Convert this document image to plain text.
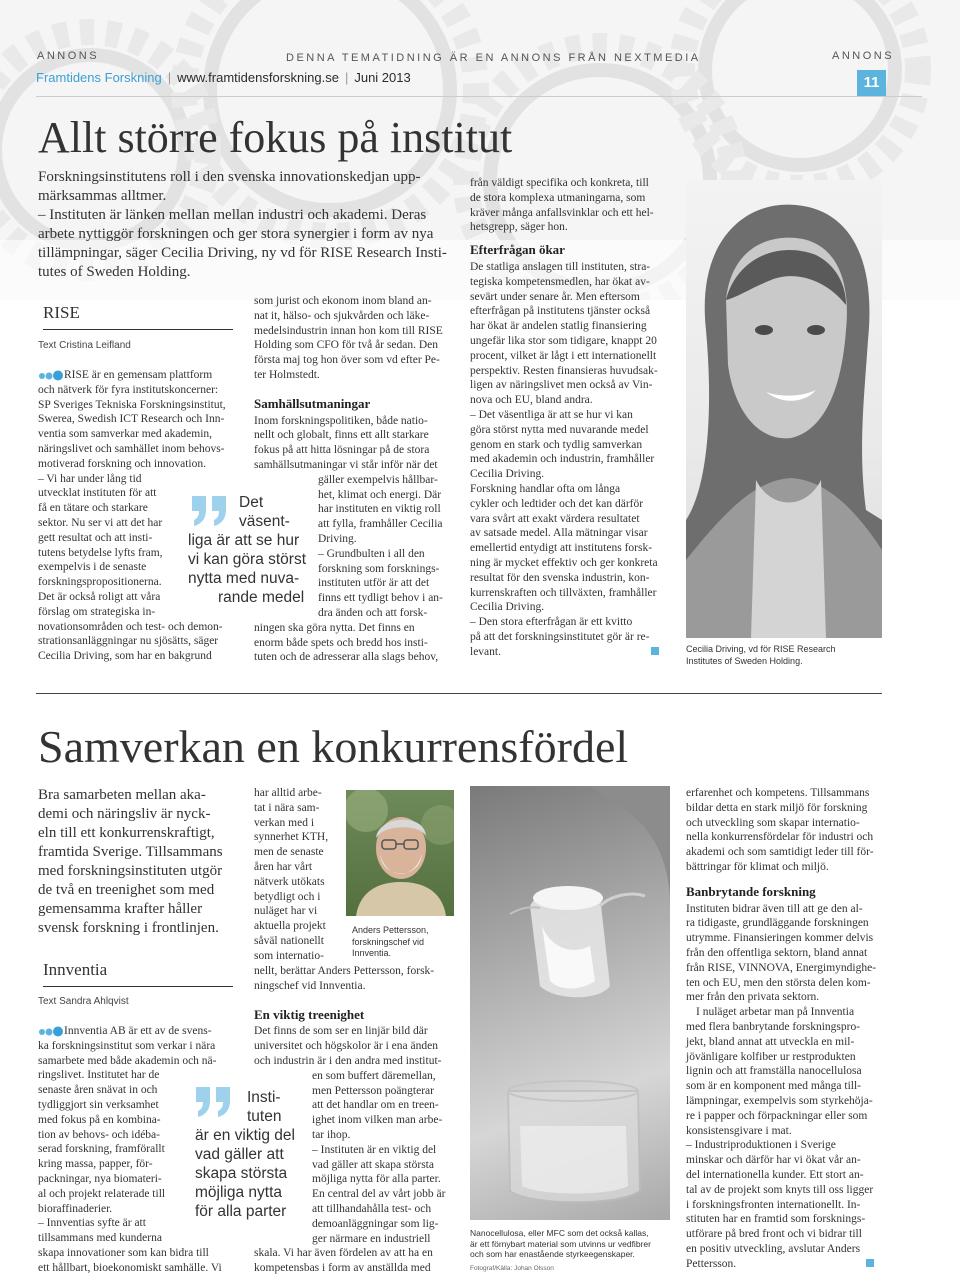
ANNONS	DENNA TEMATIDNING ÄR EN ANNONS FRÅN NEXTMEDIA	ANNONS
Framtidens Forskning | www.framtidensforskning.se | Juni 2013	11
Allt större fokus på institut
Forskningsinstitutens roll i den svenska innovationskedjan upp-
märksammas alltmer.
– Instituten är länken mellan mellan industri och akademi. Deras
arbete nyttiggör forskningen och ger stora synergier i form av nya
tillämpningar, säger Cecilia Driving, ny vd för RISE Research Insti-
tutes of Sweden Holding.
RISE
Text Cristina Leifland

RISE är en gemensam plattform

och nätverk för fyra institutskoncerner:

SP Sveriges Tekniska Forskningsinstitut,

Swerea, Swedish ICT Research och Inn-

ventia som samverkar med akademin,

näringslivet och samhället inom behovs-

motiverad forskning och innovation.

– Vi har under lång tid

utvecklat instituten för att

få en tätare och starkare

sektor. Nu ser vi att det har

gett resultat och att insti-

tutens betydelse lyfts fram,

exempelvis i de senaste

forskningspropositionerna.

Det är också roligt att våra

förslag om strategiska in-

novationsområden och test- och demon-

strationsanläggningar nu sjösätts, säger

Cecilia Driving, som har en bakgrund

Det
väsent-
liga är att se hur
vi kan göra störst
nytta med nuva-
rande medel

som jurist och ekonom inom bland an-

nat it, hälso- och sjukvården och läke-

medelsindustrin innan hon kom till RISE

Holding som CFO för två år sedan. Den

första maj tog hon över som vd efter Pe-

ter Holmstedt.

Samhällsutmaningar

Inom forskningspolitiken, både natio-

nellt och globalt, finns ett allt starkare

fokus på att hitta lösningar på de stora

samhällsutmaningar vi står inför när det

gäller exempelvis hållbar-

het, klimat och energi. Där

har instituten en viktig roll

att fylla, framhåller Cecilia

Driving.

– Grundbulten i all den

forskning som forsknings-

instituten utför är att det

finns ett tydligt behov i an-

dra änden och att forsk-

ningen ska göra nytta. Det finns en

enorm både spets och bredd hos insti-

tuten och de adresserar alla slags behov,

från väldigt specifika och konkreta, till

de stora komplexa utmaningarna, som

kräver många anfallsvinklar och ett hel-

hetsgrepp, säger hon.

Efterfrågan ökar

De statliga anslagen till instituten, stra-

tegiska kompetensmedlen, har ökat av-

sevärt under senare år. Men eftersom

efterfrågan på institutens tjänster också

har ökat är andelen statlig finansiering

ungefär lika stor som tidigare, knappt 20

procent, vilket är lågt i ett internationellt

perspektiv. Resten finansieras huvudsak-

ligen av näringslivet men också av Vin-

nova och EU, bland andra.

– Det väsentliga är att se hur vi kan

göra störst nytta med nuvarande medel

genom en stark och tydlig samverkan

med akademin och industrin, framhåller

Cecilia Driving.

Forskning handlar ofta om långa

cykler och ledtider och det kan därför

vara svårt att exakt värdera resultatet

av satsade medel. Alla mätningar visar

emellertid entydigt att institutens forsk-

ning är mycket effektiv och ger konkreta

resultat för den svenska industrin, kon-

kurrenskraften och tillväxten, framhåller

Cecilia Driving.

– Den stora efterfrågan är ett kvitto

på att det forskningsinstitutet gör är re-

levant.	Cecilia Driving, vd för RISE Research
Institutes of Sweden Holding.
Samverkan en konkurrensfördel
Bra samarbeten mellan aka-
demi och näringsliv är nyck-
eln till ett konkurrenskraftigt,
framtida Sverige. Tillsammans
med forskningsinstituten utgör
de två en treenighet som med
gemensamma krafter håller
svensk forskning i frontlinjen.
Innventia
Text Sandra Ahlqvist

Innventia AB är ett av de svens-

ka forskningsinstitut som verkar i nära

samarbete med både akademin och nä-

ringslivet. Institutet har de

senaste åren snävat in och

tydliggjort sin verksamhet

med fokus på en kombina-

tion av behovs- och idéba-

serad forskning, framförallt

kring massa, papper, för-

packningar, nya biomateri-

al och projekt relaterade till

bioraffinaderier.

– Innventias syfte är att

tillsammans med kunderna

skapa innovationer som kan bidra till

ett hållbart, bioekonomiskt samhälle. Vi

Insti-
tuten
är en viktig del
vad gäller att
skapa största
möjliga nytta
för alla parter

har alltid arbe-

tat i nära sam-

verkan med i

synnerhet KTH,

men de senaste

åren har vårt

nätverk utökats

betydligt och i

nuläget har vi

aktuella projekt

såväl nationellt

som internatio-

Anders Pettersson,
forskningschef vid
Innventia.

nellt, berättar Anders Pettersson, forsk-

ningschef vid Innventia.

En viktig treenighet

Det finns de som ser en linjär bild där

universitet och högskolor är i ena änden

och industrin är i den andra med institut-

en som buffert däremellan,

men Pettersson poängterar

att det handlar om en treen-

ighet inom vilken man arbe-

tar ihop.

– Instituten är en viktig del

vad gäller att skapa största

möjliga nytta för alla parter.

En central del av vårt jobb är

att tillhandahålla test- och

demoanläggningar som lig-

ger närmare en industriell

skala. Vi har även fördelen av att ha en

kompetensbas i form av anställda med

Nanocellulosa, eller MFC som det också kallas,
är ett förnybart material som utvinns ur vedfibrer
och som har enastående styrkeegenskaper.
Fotograf/Källa: Johan Olsson

erfarenhet och kompetens. Tillsammans

bildar detta en stark miljö för forskning

och utveckling som skapar internatio-

nella konkurrensfördelar för industri och

akademi och som samtidigt leder till för-

bättringar för klimat och miljö.

Banbrytande forskning

Instituten bidrar även till att ge den al-

ra tidigaste, grundläggande forskningen

utrymme. Finansieringen kommer delvis

från den offentliga sektorn, bland annat

från RISE, VINNOVA, Energimyndighe-

ten och EU, men den största delen kom-

mer från den privata sektorn.

I nuläget arbetar man på Innventia

med flera banbrytande forskningspro-

jekt, bland annat att utveckla en mil-

jövänligare kolfiber ur restprodukten

lignin och att framställa nanocellulosa

som är en komponent med många till-

lämpningar, exempelvis som styrkehöja-

re i papper och förpackningar eller som

konsistensgivare i mat.

– Industriproduktionen i Sverige

minskar och därför har vi ökat vår an-

del internationella kunder. Ett stort an-

tal av de projekt som knyts till oss ligger

i forskningsfronten internationellt. In-

stituten har en framtid som forsknings-

utförare på bred front och vi bidrar till

en positiv utveckling, avslutar Anders

Pettersson.
